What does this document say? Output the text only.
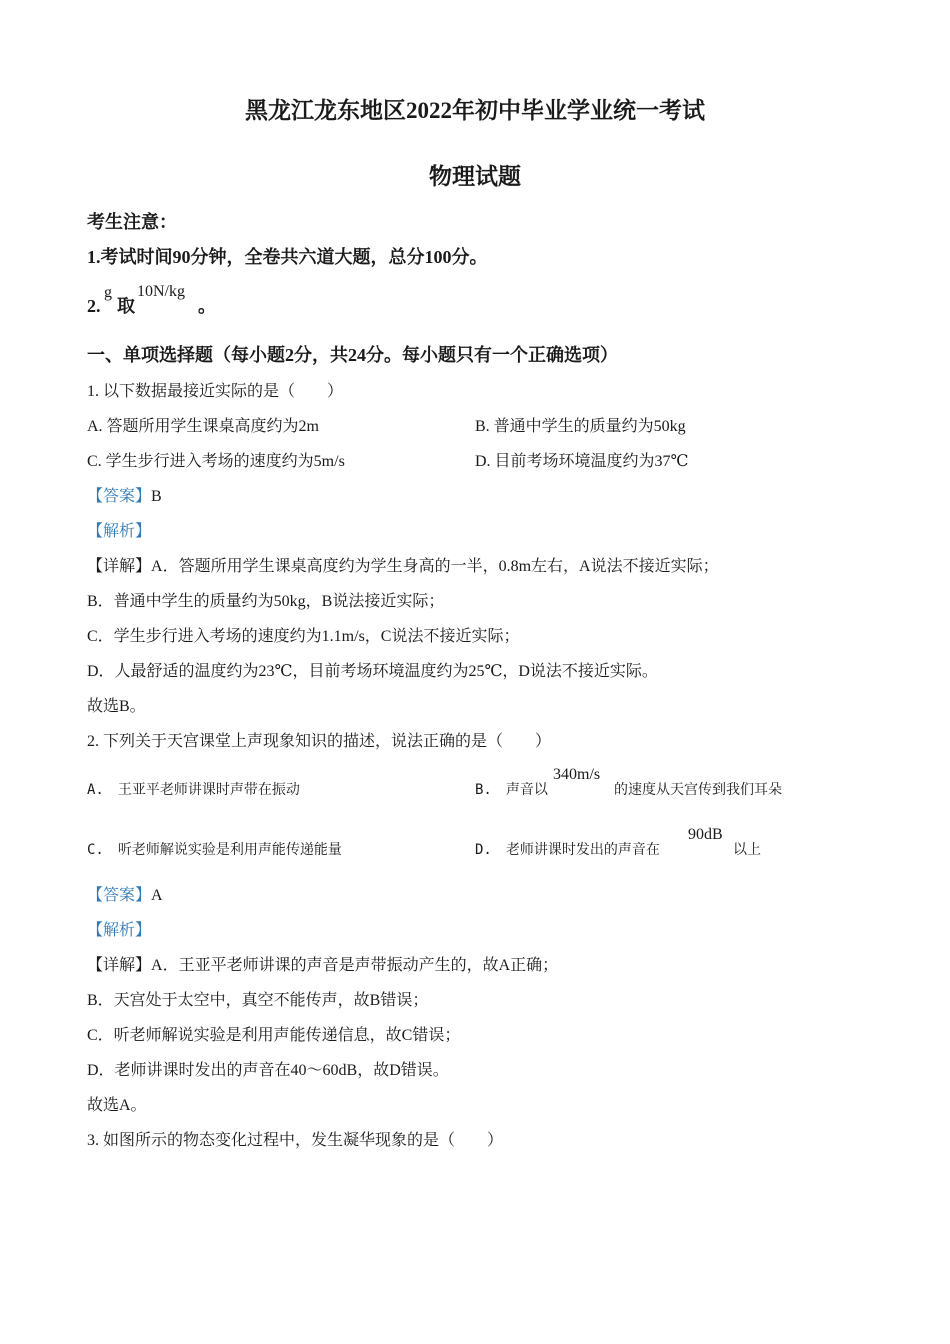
黑龙江龙东地区2022年初中毕业学业统一考试
物理试题
考生注意：
1.考试时间90分钟，全卷共六道大题，总分100分。
2.
g
取
10N/kg
。
一、单项选择题（每小题2分，共24分。每小题只有一个正确选项）
1. 以下数据最接近实际的是（　　）
A. 答题所用学生课桌高度约为2m	B. 普通中学生的质量约为50kg
C. 学生步行进入考场的速度约为5m/s	D. 目前考场环境温度约为37℃
【答案】B
【解析】
【详解】A．答题所用学生课桌高度约为学生身高的一半，0.8m左右，A说法不接近实际；
B．普通中学生的质量约为50kg，B说法接近实际；
C．学生步行进入考场的速度约为1.1m/s，C说法不接近实际；
D．人最舒适的温度约为23℃，目前考场环境温度约为25℃，D说法不接近实际。
故选B。
2. 下列关于天宫课堂上声现象知识的描述，说法正确的是（　　）
A.　王亚平老师讲课时声带在振动	B.　声音以
340m/s
的速度从天宫传到我们耳朵
C.　听老师解说实验是利用声能传递能量	D.　老师讲课时发出的声音在
90dB
以上
【答案】A
【解析】
【详解】A．王亚平老师讲课的声音是声带振动产生的，故A正确；
B．天宫处于太空中，真空不能传声，故B错误；
C．听老师解说实验是利用声能传递信息，故C错误；
D．老师讲课时发出的声音在40～60dB，故D错误。
故选A。
3. 如图所示的物态变化过程中，发生凝华现象的是（　　）
